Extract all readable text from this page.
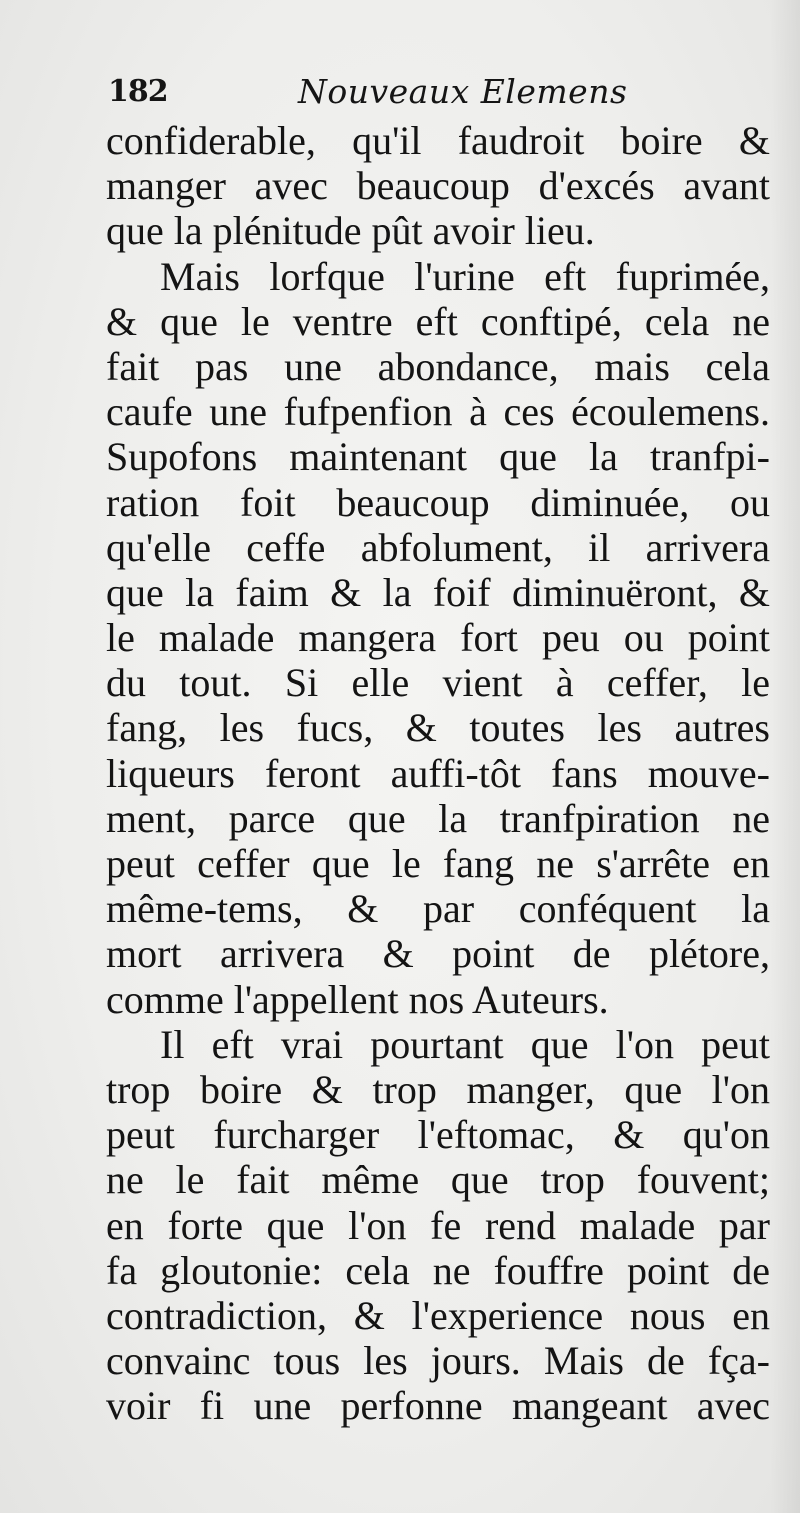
182	Nouveaux Elemens
confiderable, qu'il faudroit boire &
manger avec beaucoup d'excés avant
que la plénitude pût avoir lieu.
Mais lorfque l'urine eft fuprimée,
& que le ventre eft conftipé, cela ne
fait pas une abondance, mais cela
caufe une fufpenfion à ces écoulemens.
Supofons maintenant que la tranfpi-
ration foit beaucoup diminuée, ou
qu'elle ceffe abfolument, il arrivera
que la faim & la foif diminuëront, &
le malade mangera fort peu ou point
du tout. Si elle vient à ceffer, le
fang, les fucs, & toutes les autres
liqueurs feront auffi-tôt fans mouve-
ment, parce que la tranfpiration ne
peut ceffer que le fang ne s'arrête en
même-tems, & par conféquent la
mort arrivera & point de plétore,
comme l'appellent nos Auteurs.
Il eft vrai pourtant que l'on peut
trop boire & trop manger, que l'on
peut furcharger l'eftomac, & qu'on
ne le fait même que trop fouvent;
en forte que l'on fe rend malade par
fa gloutonie: cela ne fouffre point de
contradiction, & l'experience nous en
convainc tous les jours. Mais de fça-
voir fi une perfonne mangeant avec
